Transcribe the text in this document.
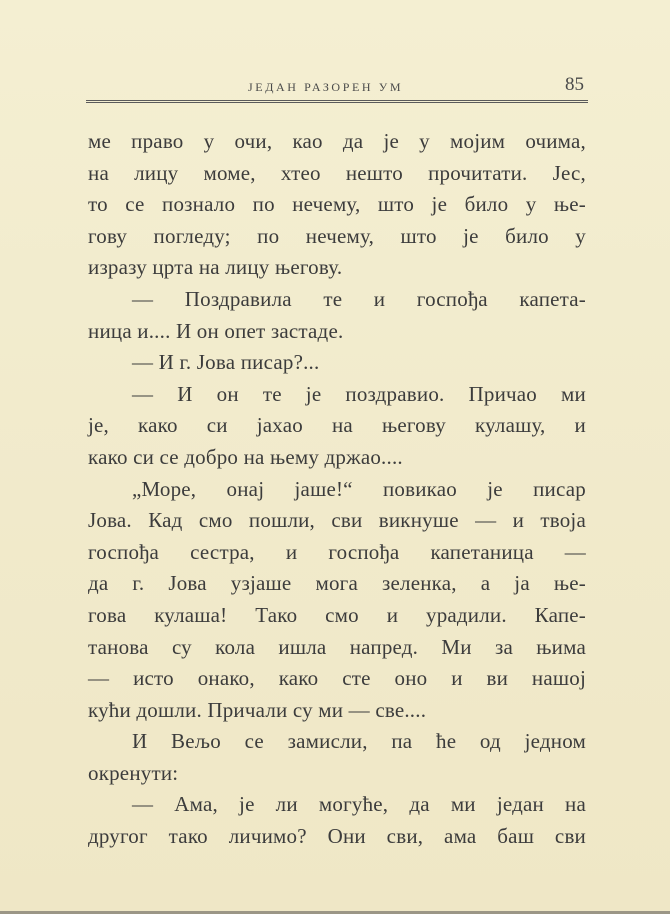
ЈЕДАН РАЗОРЕН УМ	85
ме право у очи, као да је у мојим очима,
на лицу моме, хтео нешто прочитати. Јес,
то се познало по нечему, што је било у ње-
гову погледу; по нечему, што је било у
изразу црта на лицу његову.
— Поздравила те и госпођа капета-
ница и.... И он опет застаде.
— И г. Јова писар?...
— И он те је поздравио. Причао ми
је, како си јахао на његову кулашу, и
како си се добро на њему држао....
„Море, онај јаше!“ повикао је писар
Јова. Кад смо пошли, сви викнуше — и твоја
госпођа сестра, и госпођа капетаница —
да г. Јова узјаше мога зеленка, а ја ње-
гова кулаша! Тако смо и урадили. Капе-
танова су кола ишла напред. Ми за њима
— исто онако, како сте оно и ви нашој
кући дошли. Причали су ми — све....
И Вељо се замисли, па ће од једном
окренути:
— Ама, је ли могуће, да ми један на
другог тако личимо? Они сви, ама баш сви
